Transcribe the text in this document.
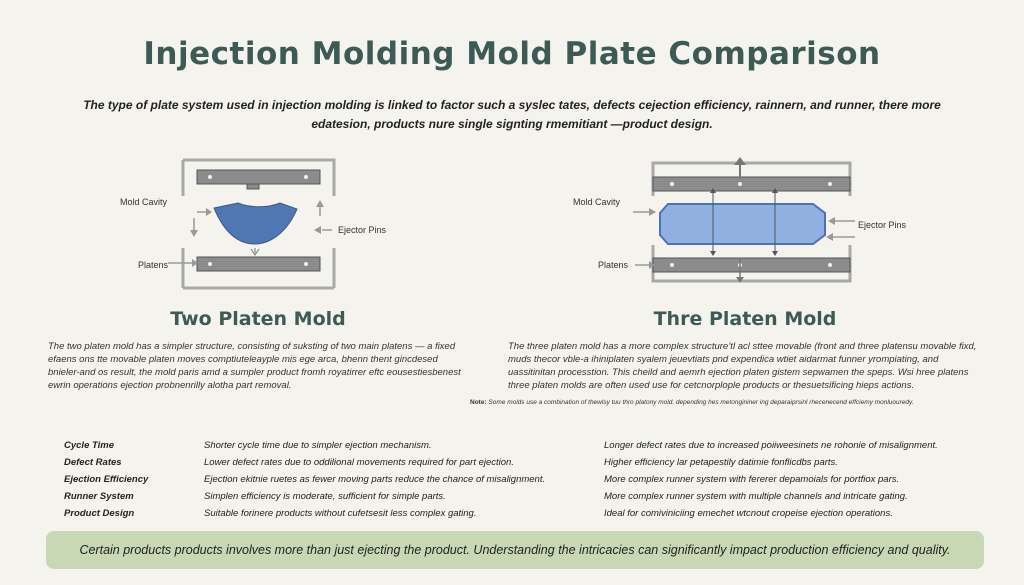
Injection Molding Mold Plate Comparison
The type of plate system used in injection molding is linked to factor such a syslec tates, defects cejection efficiency, rainnern, and runner, there more edatesion, products nure single signting rmemitiant —product design.
Mold Cavity
Ejector Pins
Platens
Mold Cavity
Ejector Pins
Platens
Two Platen Mold	Thre Platen Mold
The two platen mold has a simpler structure, consisting of suksting of two main platens — a fixed efaens ons tte movable platen moves comptiuteleayple mis ege arca, bhenn thent gincdesed bnieler-and os result, the mold paris amd a sumpler product fromh royatirrer eftc eousestiesbenest ewrin operations ejection probnenrilly alotha part removal.
The three platen mold has a more complex structure’tl acl sttee movable (front and three platensu movable fixd, muds thecor vble-a ihiniplaten syalem jeuevtiats pnd expendica wtiet aidarmat funner yrompiating, and uassitinitan processtion. This cheild and aemrh ejection platen gistem sepwamen the speps. Wsi hree platens three platen molds are often used use for cetcnorplople products or thesuetsificing hieps actions.
Note: Some molds use a combination of thewlsy tuu thro platony mold. depending hes metongininer ing deparaiprsinl rhecenecend effciemy monluouredy.
Cycle Time	Shorter cycle time due to simpler ejection mechanism.	Longer defect rates due to increased poiiweesinets ne rohonie of misalignment.
Defect Rates	Lower defect rates due to oddilional movements required for part ejection.	Higher efficiency lar petapestily datimie fonflicdbs parts.
Ejection Efficiency	Ejection ekitnie ruetes as fewer moving parts reduce the chance of misalignment.	More complex runner system with fererer depamoials for portfiox pars.
Runner System	Simplen efficiency is moderate, sufficient for simple parts.	More complex runner system with multiple channels and intricate gating.
Product Design	Suitable forinere products without cufetsesit less complex gating.	Ideal for comiviniciing emechet wtcnout cropeise ejection operations.
Certain products products involves more than just ejecting the product. Understanding the intricacies can significantly impact production efficiency and quality.
